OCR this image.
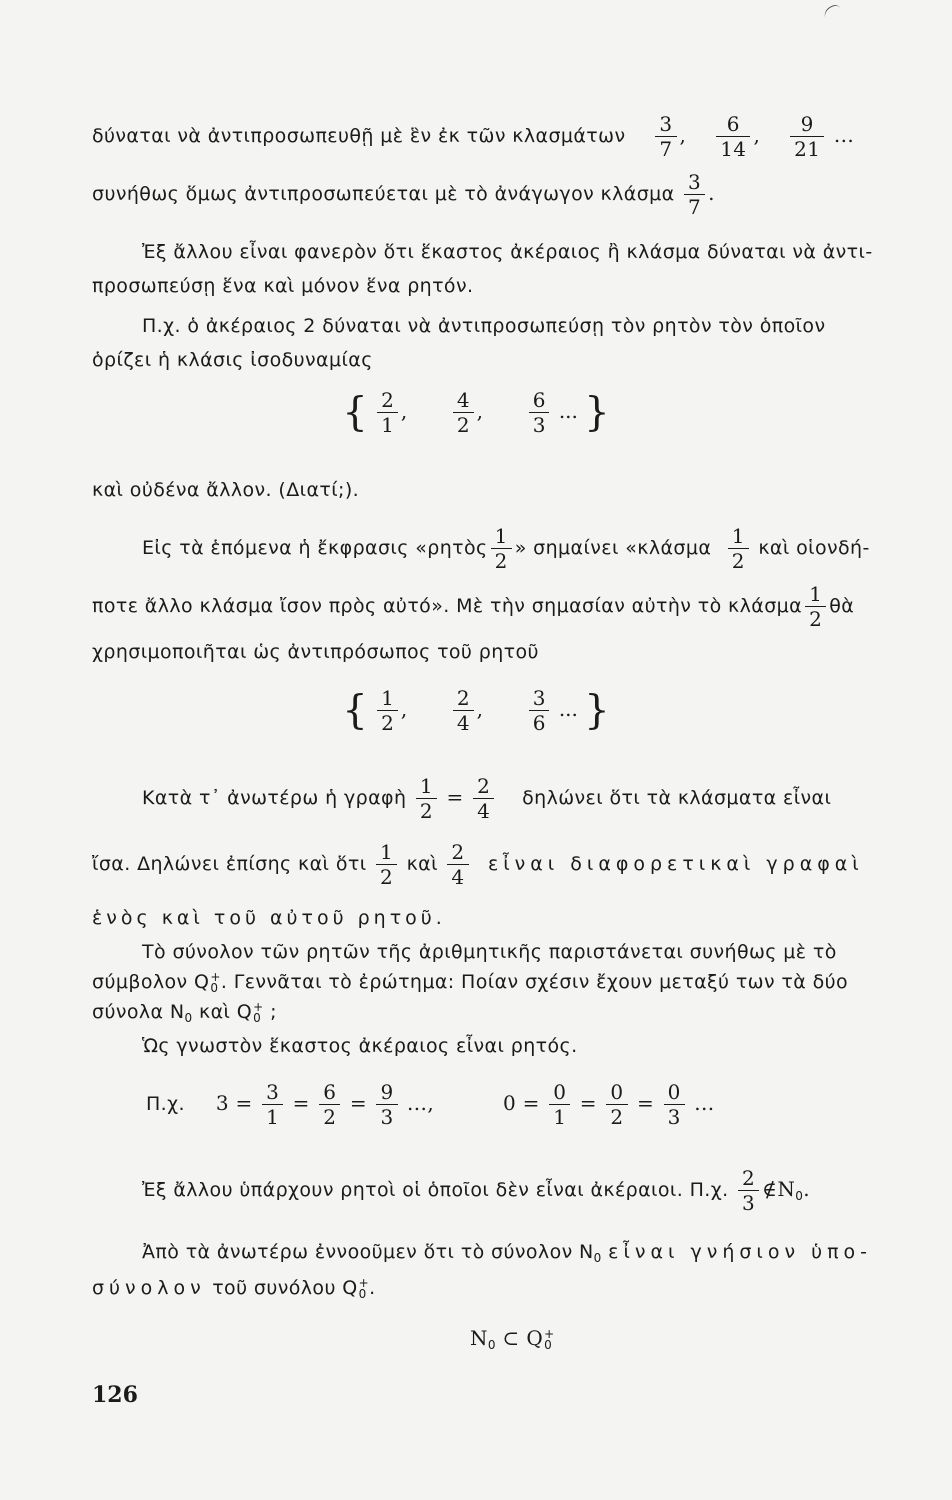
δύναται νὰ ἀντιπροσωπευθῇ μὲ ἓν ἐκ τῶν κλασμάτων $\frac{3}{7}$ , $\frac{6}{14}$ , $\frac{9}{21}$ ...
συνήθως ὅμως ἀντιπροσωπεύεται μὲ τὸ ἀνάγωγον κλάσμα $\frac{3}{7}$ .
Ἐξ ἄλλου εἶναι φανερὸν ὅτι ἕκαστος ἀκέραιος ἢ κλάσμα δύναται νὰ ἀντι-
προσωπεύσῃ ἕνα καὶ μόνον ἕνα ρητόν.
Π.χ. ὁ ἀκέραιος 2 δύναται νὰ ἀντιπροσωπεύσῃ τὸν ρητὸν τὸν ὁποῖον
ὁρίζει ἡ κλάσις ἰσοδυναμίας
{ $\frac{2}{1}$ , $\frac{4}{2}$ , $\frac{6}{3}$ ... }
καὶ οὐδένα ἄλλον. (Διατί;).
Εἰς τὰ ἑπόμενα ἡ ἔκφρασις «ρητὸς $\frac{1}{2}$ » σημαίνει «$\kappa\lambda ά\sigma\mu\alpha \frac{1}{2}$ καὶ οἱονδή-
ποτε ἄλλο κλάσμα ἴσον πρὸς αὐτό». Μὲ τὴν σημασίαν αὐτὴν τὸ κλάσμα $\frac{1}{2}$ θὰ
χρησιμοποιῆται ὡς ἀντιπρόσωπος τοῦ ρητοῦ
{ $\frac{1}{2}$ , $\frac{2}{4}$ , $\frac{3}{6}$ ... }
Κατὰ τ᾽ ἀνωτέρω ἡ γραφὴ $\frac{1}{2} = \frac{2}{4}$ δηλώνει ὅτι τὰ κλάσματα εἶναι
ἴσα. Δηλώνει ἐπίσης καὶ ὅτι $\frac{1}{2}$ καὶ $\frac{2}{4}$ εἶναι διαφορετικαὶ γραφαὶ
ἑνὸς καὶ τοῦ αὐτοῦ ρητοῦ.
Τὸ σύνολον τῶν ρητῶν τῆς ἀριθμητικῆς παριστάνεται συνήθως μὲ τὸ
σύμβολον Q +
0 . Γεννᾶται τὸ ἐρώτημα: Ποίαν σχέσιν ἔχουν μεταξύ των τὰ δύο
σύνολα $N_0$ καὶ Q +
0 ;
Ὡς γνωστὸν ἕκαστος ἀκέραιος εἶναι ρητός.
Π.χ. $3 = \frac{3}{1} = \frac{6}{2} = \frac{9}{3}$ ...,	$0 = \frac{0}{1} = \frac{0}{2} = \frac{0}{3}$ ...
Ἐξ ἄλλου ὑπάρχουν ρητοὶ οἱ ὁποῖοι δὲν εἶναι ἀκέραιοι. Π.χ. $\frac{2}{3}$ $\notin N_0$.
Ἀπὸ τὰ ἀνωτέρω ἐννοοῦμεν ὅτι τὸ σύνολον $N_0$ εἶναι γνήσιον ὑπο-
σύνολον τοῦ συνόλου Q +
0 .
$N_0$ ⊂ Q +
0
126
